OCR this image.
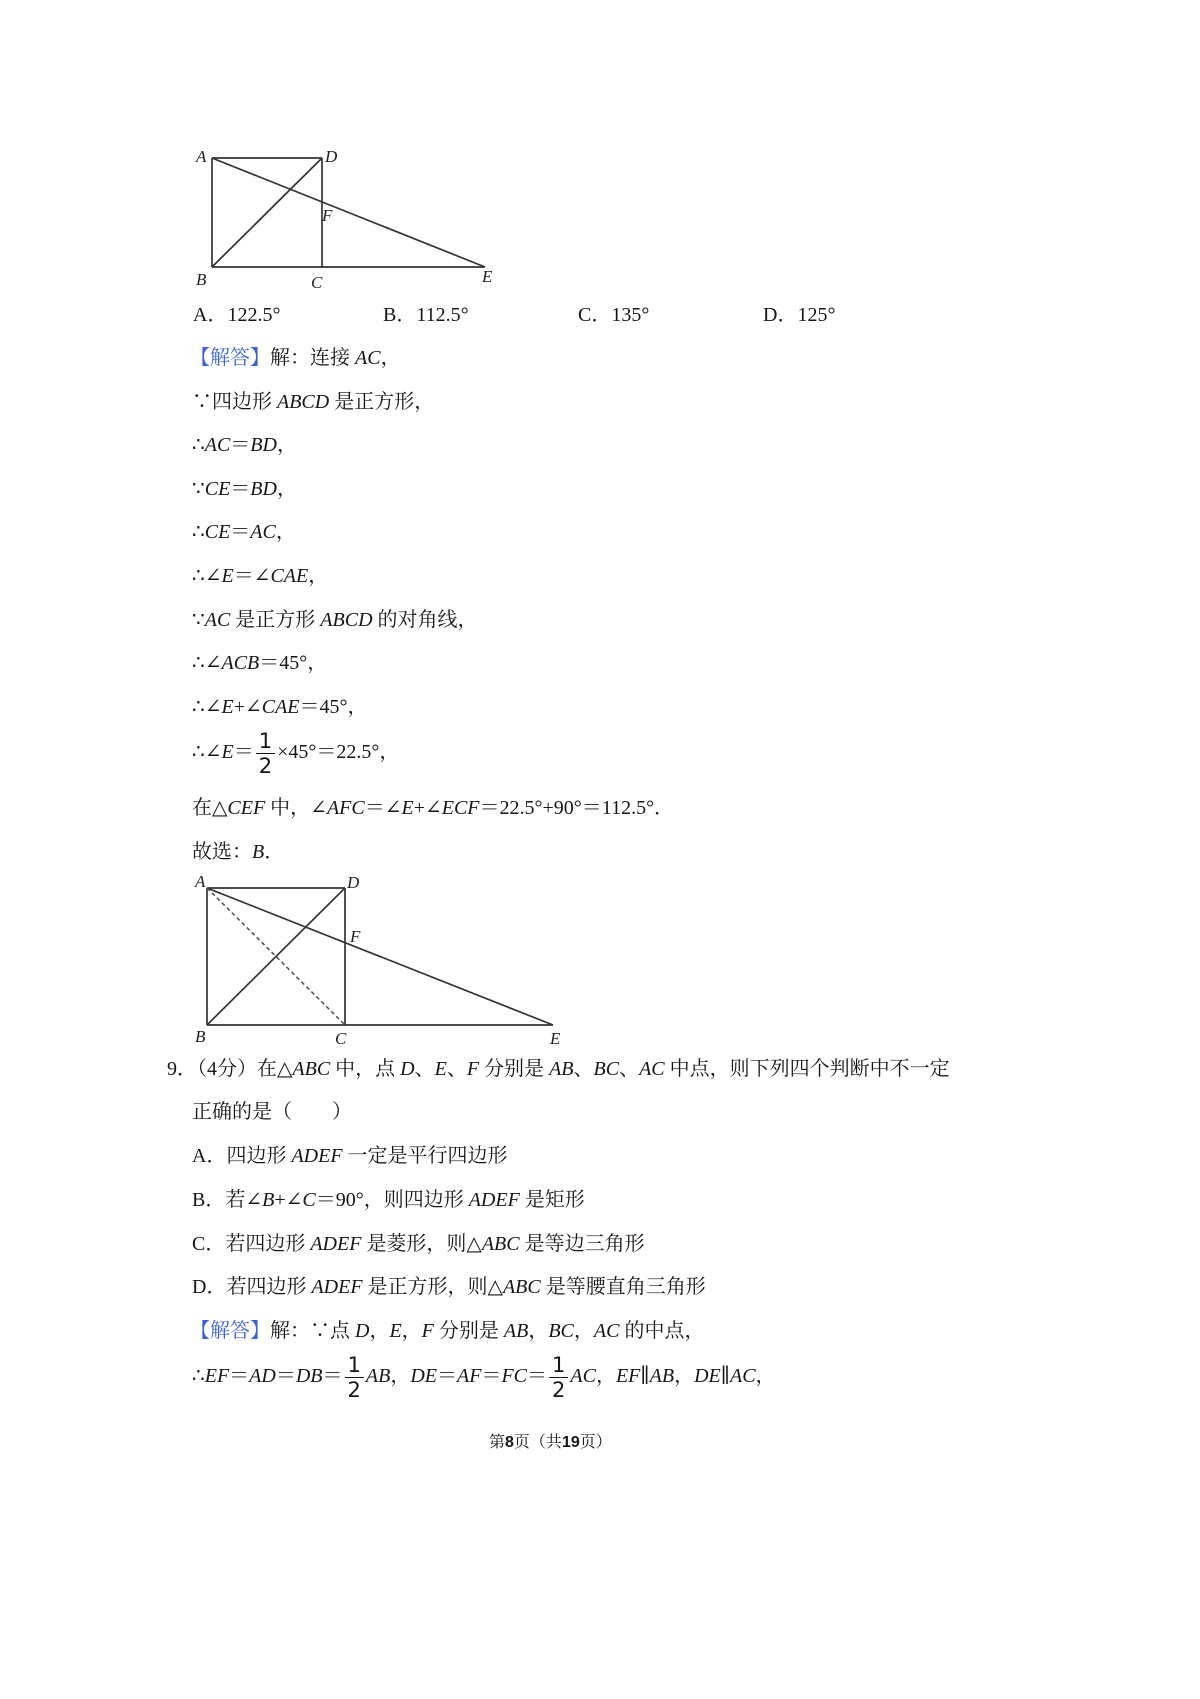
A	D
F
B	C	E
A．122.5°	B．112.5°	C．135°	D．125°
【解答】解：连接 AC，
∵四边形 ABCD 是正方形，
∴AC＝BD，
∵CE＝BD，
∴CE＝AC，
∴∠E＝∠CAE，
∵AC 是正方形 ABCD 的对角线，
∴∠ACB＝45°，
∴∠E+∠CAE＝45°，
∴∠E＝ $\frac{1}{2} \times 45^\circ=22.5^\circ$，
在△CEF 中，∠AFC＝∠E+∠ECF＝22.5°+90°＝112.5°．
故选：B．
A	D
F
B	C	E
9．（4分）在△ABC 中，点 D、E、F 分别是 AB、BC、AC 中点，则下列四个判断中不一定
正确的是（　　）
A．四边形 ADEF 一定是平行四边形
B．若∠B+∠C＝90°，则四边形 ADEF 是矩形
C．若四边形 ADEF 是菱形，则△ABC 是等边三角形
D．若四边形 ADEF 是正方形，则△ABC 是等腰直角三角形
【解答】解：∵点 D，E，F 分别是 AB，BC，AC 的中点，
∴EF＝AD＝DB＝ $\frac{1}{2}$ AB，$DE=AF=FC= \frac{1}{2}$ AC，EF∥AB，DE∥AC，
第8页（共19页）
